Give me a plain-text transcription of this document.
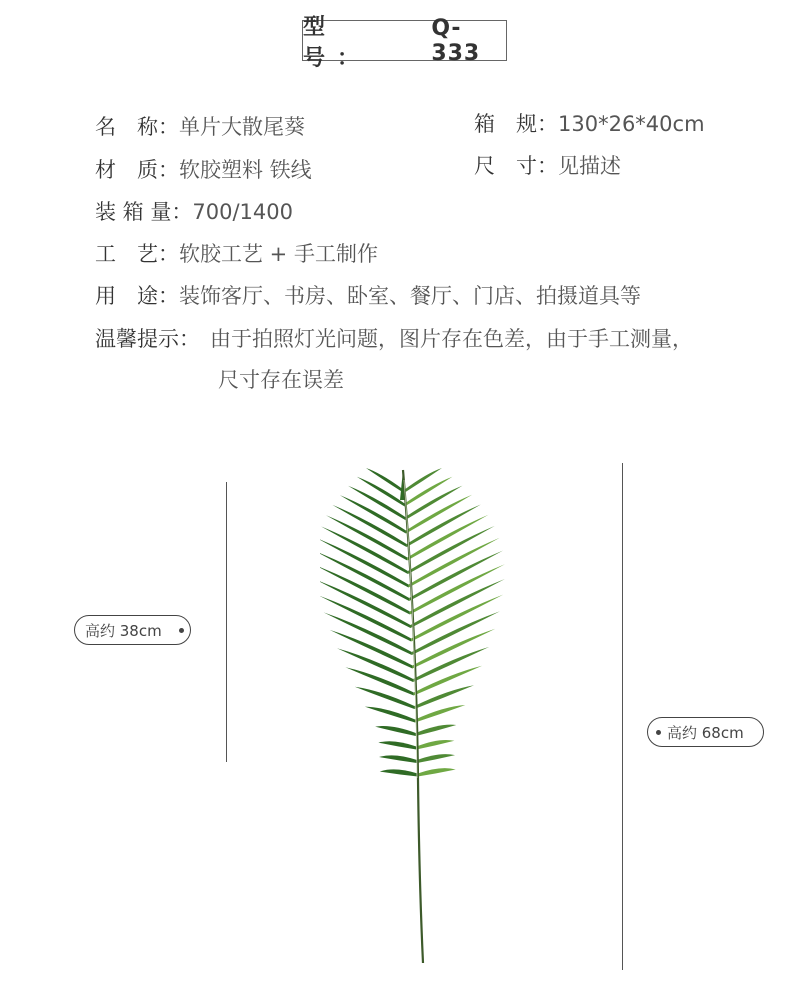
型　号：
Q-333
名　称：单片大散尾葵
材　质：软胶塑料 铁线
装 箱 量：700/1400
工　艺：软胶工艺 + 手工制作
用　途：装饰客厅、书房、卧室、餐厅、门店、拍摄道具等
温馨提示： 由于拍照灯光问题，图片存在色差，由于手工测量，
尺寸存在误差
箱　规：130*26*40cm
尺　寸：见描述
高约 38cm
高约 68cm
